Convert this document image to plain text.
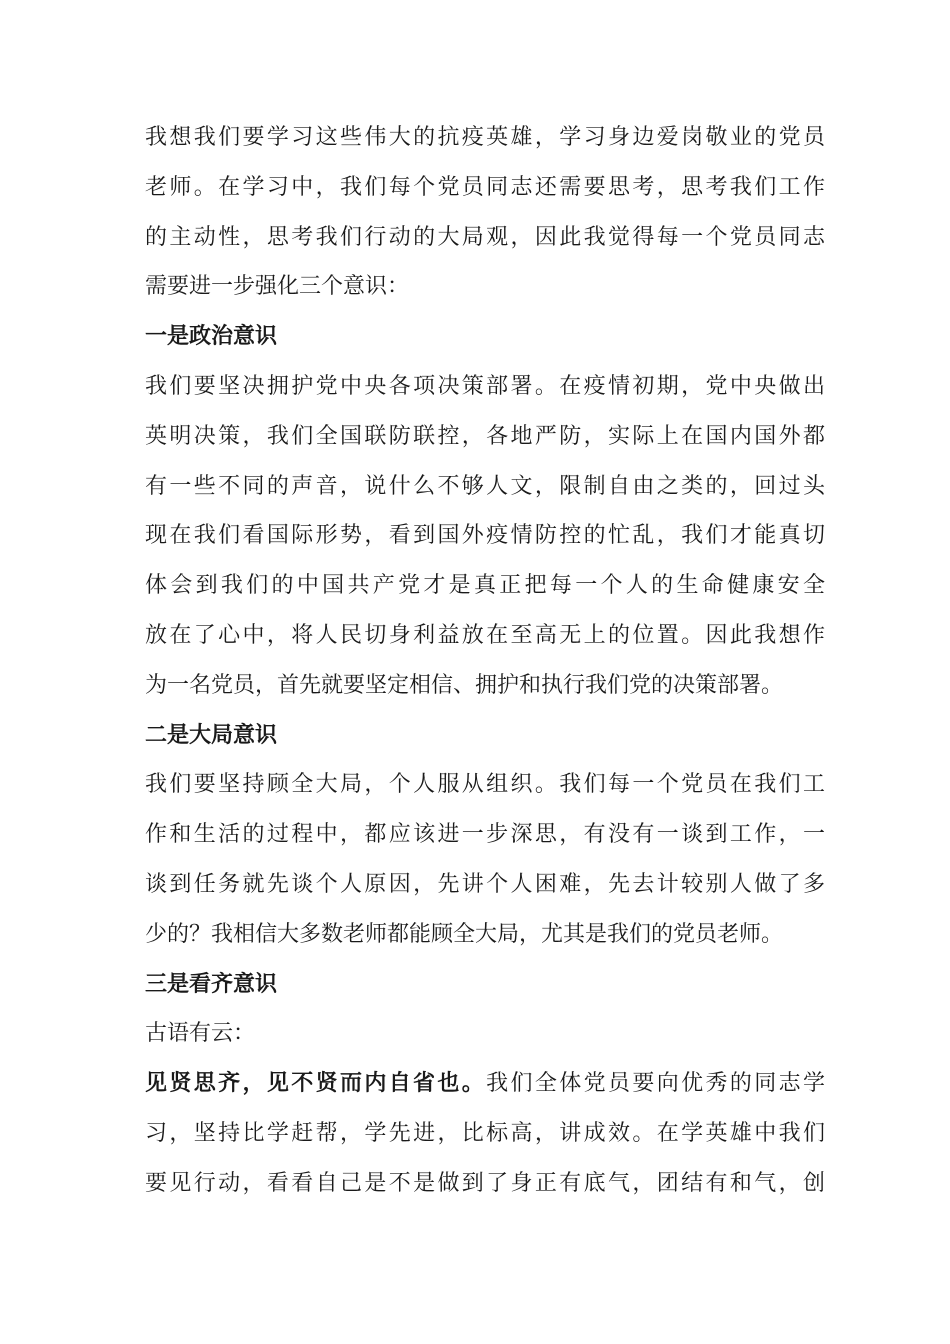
我想我们要学习这些伟大的抗疫英雄，学习身边爱岗敬业的党员
老师。在学习中，我们每个党员同志还需要思考，思考我们工作
的主动性，思考我们行动的大局观，因此我觉得每一个党员同志
需要进一步强化三个意识：
一是政治意识
我们要坚决拥护党中央各项决策部署。在疫情初期，党中央做出
英明决策，我们全国联防联控，各地严防，实际上在国内国外都
有一些不同的声音，说什么不够人文，限制自由之类的，回过头
现在我们看国际形势，看到国外疫情防控的忙乱，我们才能真切
体会到我们的中国共产党才是真正把每一个人的生命健康安全
放在了心中，将人民切身利益放在至高无上的位置。因此我想作
为一名党员，首先就要坚定相信、拥护和执行我们党的决策部署。
二是大局意识
我们要坚持顾全大局，个人服从组织。我们每一个党员在我们工
作和生活的过程中，都应该进一步深思，有没有一谈到工作，一
谈到任务就先谈个人原因，先讲个人困难，先去计较别人做了多
少的？我相信大多数老师都能顾全大局，尤其是我们的党员老师。
三是看齐意识
古语有云：
见贤思齐，见不贤而内自省也。我们全体党员要向优秀的同志学
习，坚持比学赶帮，学先进，比标高，讲成效。在学英雄中我们
要见行动，看看自己是不是做到了身正有底气，团结有和气，创
